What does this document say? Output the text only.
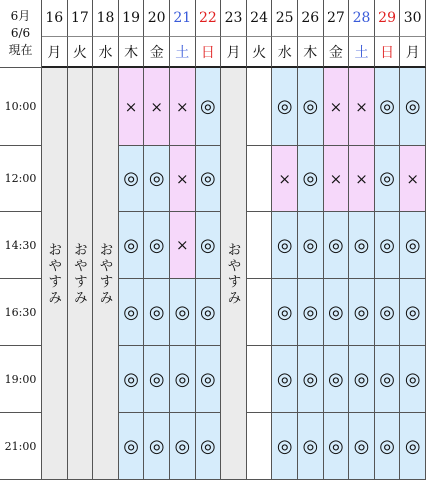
6月
6/6
現在
16
月
17
火
18
水
19
木
20
金
21
土
22
日
23
月
24
火
25
水
26
木
27
金
28
土
29
日
30
月
10:00
12:00
14:30
16:30
19:00
21:00
おやすみ おやすみ おやすみ
×
◎
◎
◎
◎
◎
×
◎
◎
◎
◎
◎
×
×
×
◎
◎
◎
◎
◎
◎
◎
◎
◎
おやすみ
◎
×
◎
◎
◎
◎
◎
◎
◎
◎
◎
◎
×
×
◎
◎
◎
◎
×
×
◎
◎
◎
◎
◎
◎
◎
◎
◎
◎
◎
×
◎
◎
◎
◎
